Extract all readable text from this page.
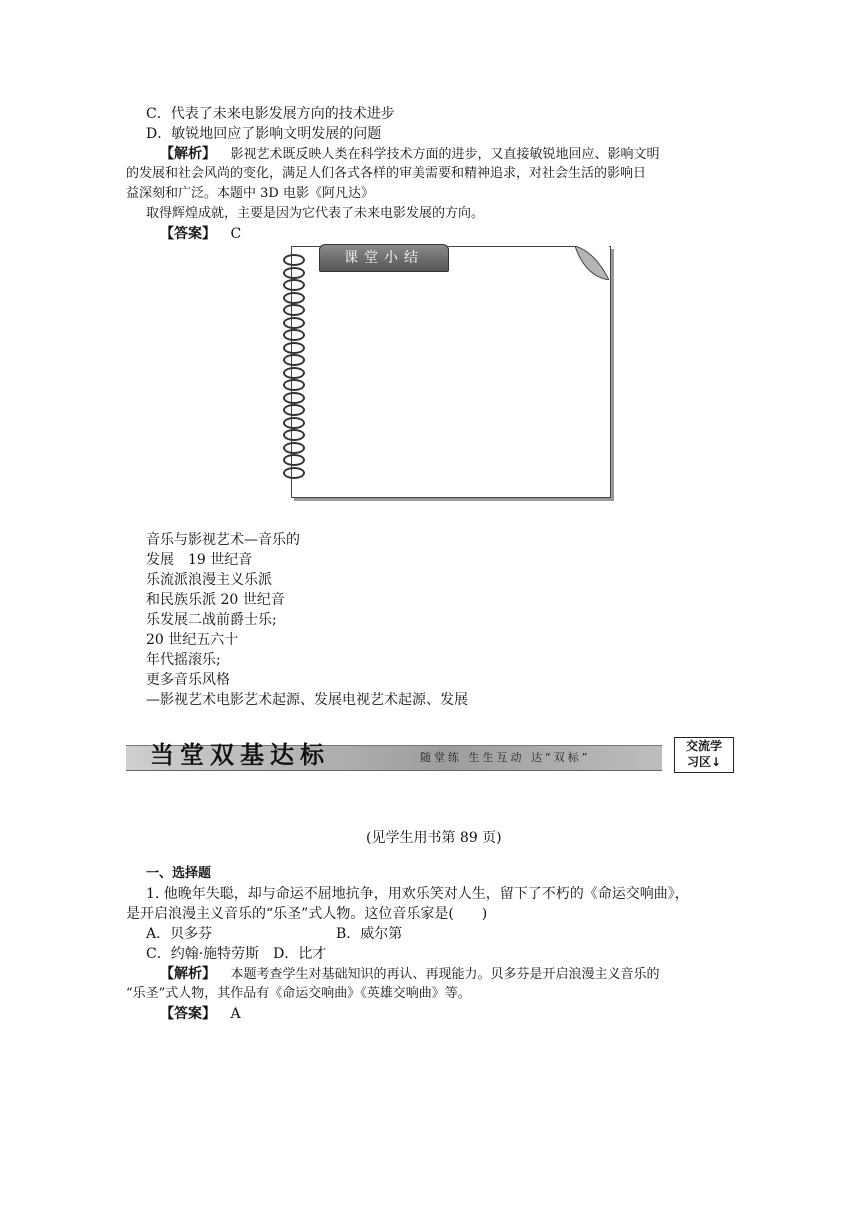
C．代表了未来电影发展方向的技术进步
D．敏锐地回应了影响文明发展的问题
【解析】 影视艺术既反映人类在科学技术方面的进步，又直接敏锐地回应、影响文明
的发展和社会风尚的变化，满足人们各式各样的审美需要和精神追求，对社会生活的影响日
益深刻和广泛。本题中 3D 电影《阿凡达》
取得辉煌成就，主要是因为它代表了未来电影发展的方向。
【答案】 C
课堂小结
音乐与影视艺术—音乐的
发展　19 世纪音
乐流派浪漫主义乐派
和民族乐派 20 世纪音
乐发展二战前爵士乐;
20 世纪五六十
年代摇滚乐;
更多音乐风格
—影视艺术电影艺术起源、发展电视艺术起源、发展
当堂双基达标	随堂练 生生互动 达“双标”
交流学
习区↓
(见学生用书第 89 页)
一、选择题
1. 他晚年失聪，却与命运不屈地抗争，用欢乐笑对人生，留下了不朽的《命运交响曲》，
是开启浪漫主义音乐的“乐圣”式人物。这位音乐家是(　　)
A．贝多芬	B．威尔第
C．约翰·施特劳斯　D．比才
【解析】 本题考查学生对基础知识的再认、再现能力。贝多芬是开启浪漫主义音乐的
“乐圣”式人物，其作品有《命运交响曲》《英雄交响曲》等。
【答案】 A
